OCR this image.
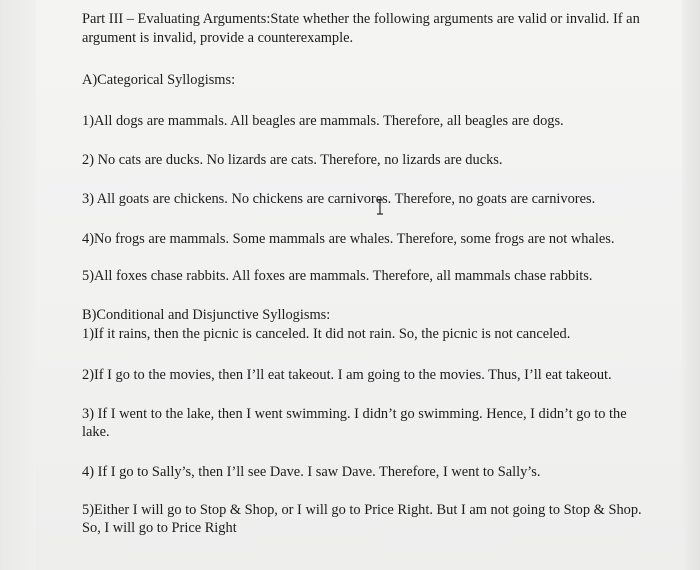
Part III – Evaluating Arguments:State whether the following arguments are valid or invalid. If an

argument is invalid, provide a counterexample.

A)Categorical Syllogisms:

1)All dogs are mammals. All beagles are mammals. Therefore, all beagles are dogs.

2) No cats are ducks. No lizards are cats. Therefore, no lizards are ducks.

3) All goats are chickens. No chickens are carnivores. Therefore, no goats are carnivores.

4)No frogs are mammals. Some mammals are whales. Therefore, some frogs are not whales.

5)All foxes chase rabbits. All foxes are mammals. Therefore, all mammals chase rabbits.

B)Conditional and Disjunctive Syllogisms:

1)If it rains, then the picnic is canceled. It did not rain. So, the picnic is not canceled.

2)If I go to the movies, then I’ll eat takeout. I am going to the movies. Thus, I’ll eat takeout.

3) If I went to the lake, then I went swimming. I didn’t go swimming. Hence, I didn’t go to the

lake.

4) If I go to Sally’s, then I’ll see Dave. I saw Dave. Therefore, I went to Sally’s.

5)Either I will go to Stop & Shop, or I will go to Price Right. But I am not going to Stop & Shop.

So, I will go to Price Right
